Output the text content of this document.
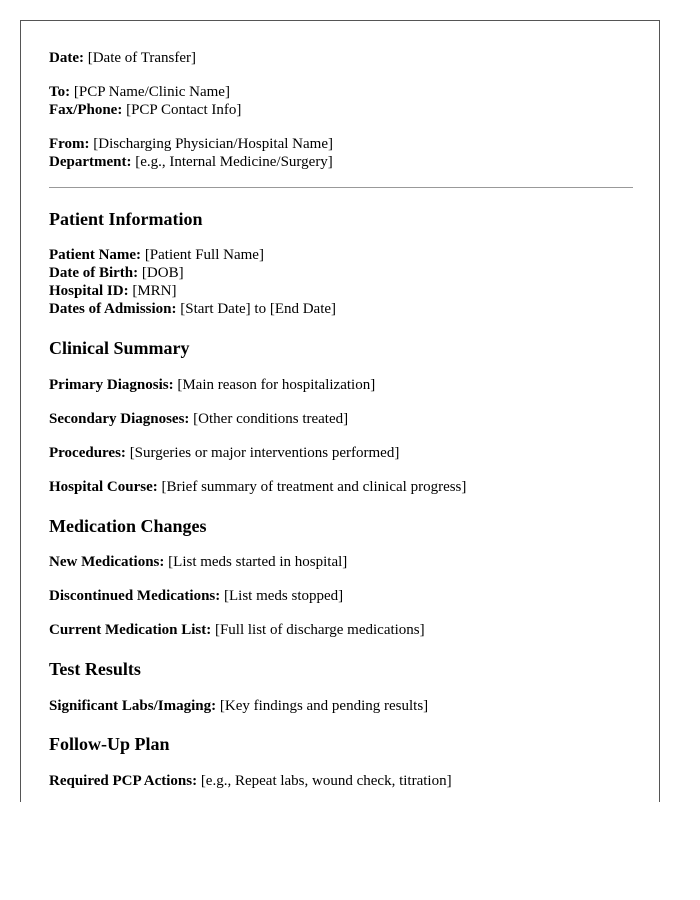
Date: [Date of Transfer]

To: [PCP Name/Clinic Name]

Fax/Phone: [PCP Contact Info]

From: [Discharging Physician/Hospital Name]

Department: [e.g., Internal Medicine/Surgery]

Patient Information

Patient Name: [Patient Full Name]

Date of Birth: [DOB]

Hospital ID: [MRN]

Dates of Admission: [Start Date] to [End Date]

Clinical Summary

Primary Diagnosis: [Main reason for hospitalization]

Secondary Diagnoses: [Other conditions treated]

Procedures: [Surgeries or major interventions performed]

Hospital Course: [Brief summary of treatment and clinical progress]

Medication Changes

New Medications: [List meds started in hospital]

Discontinued Medications: [List meds stopped]

Current Medication List: [Full list of discharge medications]

Test Results

Significant Labs/Imaging: [Key findings and pending results]

Follow-Up Plan

Required PCP Actions: [e.g., Repeat labs, wound check, titration]
